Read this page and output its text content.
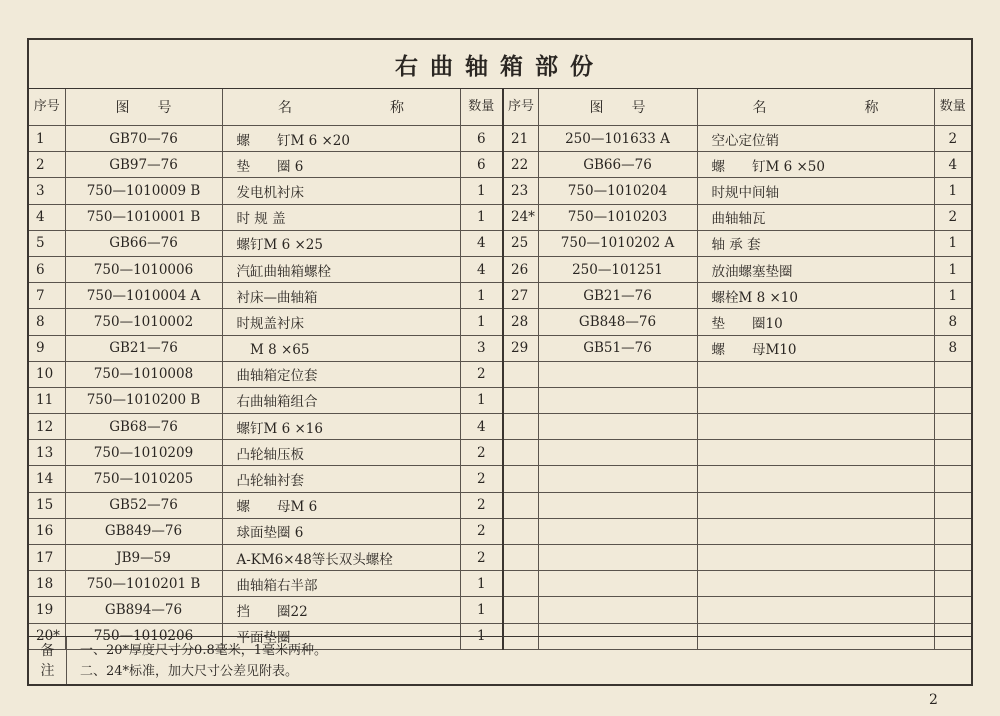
右曲轴箱部份
序号	图　　号	名　　　　　　　称	数量	序号	图　　号	名　　　　　　　称	数量
1	GB70—76	螺　　钉M 6 ×20	6	21	250—101633 A	空心定位销	2
2	GB97—76	垫　　圈 6	6	22	GB66—76	螺　　钉M 6 ×50	4
3	750—1010009 B	发电机衬床	1	23	750—1010204	时规中间轴	1
4	750—1010001 B	时 规 盖	1	24*	750—1010203	曲轴轴瓦	2
5	GB66—76	螺钉M 6 ×25	4	25	750—1010202 A	轴 承 套	1
6	750—1010006	汽缸曲轴箱螺栓	4	26	250—101251	放油螺塞垫圈	1
7	750—1010004 A	衬床—曲轴箱	1	27	GB21—76	螺栓M 8 ×10	1
8	750—1010002	时规盖衬床	1	28	GB848—76	垫　　圈10	8
9	GB21—76	　M 8 ×65	3	29	GB51—76	螺　　母M10	8
10	750—1010008	曲轴箱定位套	2				
11	750—1010200 B	右曲轴箱组合	1				
12	GB68—76	螺钉M 6 ×16	4				
13	750—1010209	凸轮轴压板	2				
14	750—1010205	凸轮轴衬套	2				
15	GB52—76	螺　　母M 6	2				
16	GB849—76	球面垫圈 6	2				
17	JB9—59	A-KM6×48等长双头螺栓	2				
18	750—1010201 B	曲轴箱右半部	1				
19	GB894—76	挡　　圈22	1				
20*	750—1010206	平面垫圈	1				
备
注
一、20*厚度尺寸分0.8毫米，1毫米两种。
二、24*标准，加大尺寸公差见附表。
2
